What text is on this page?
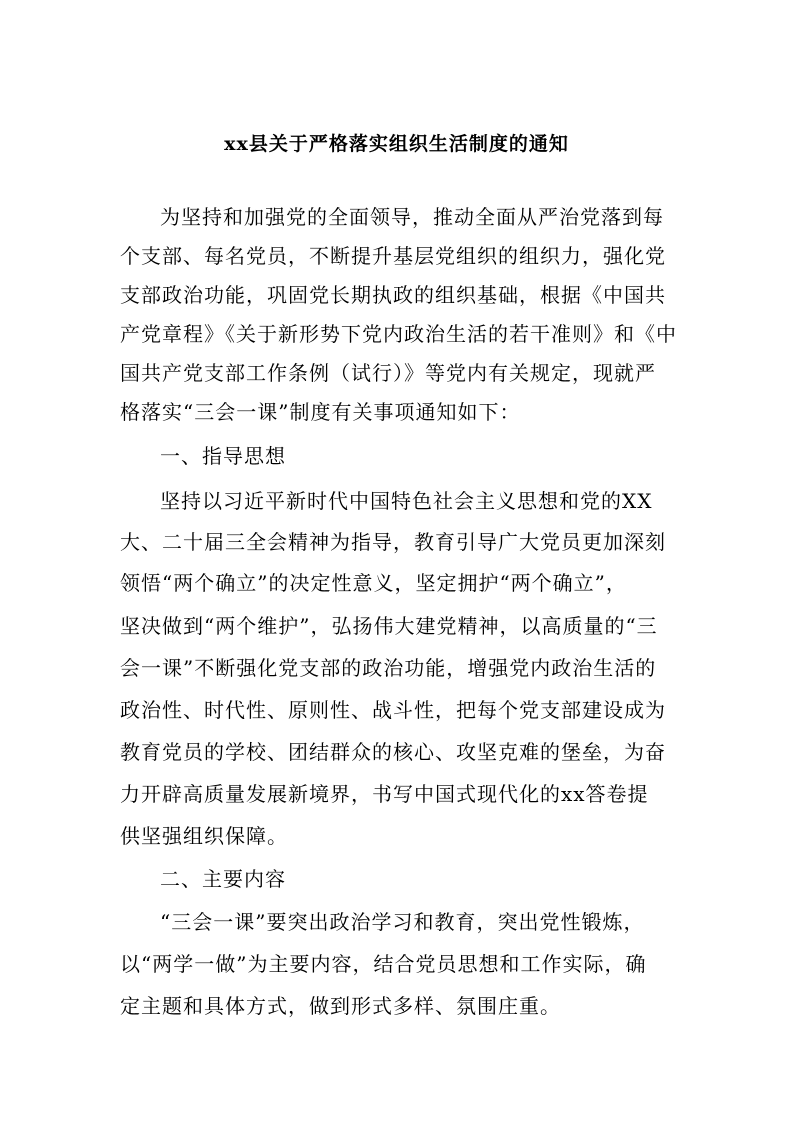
xx县关于严格落实组织生活制度的通知
为坚持和加强党的全面领导，推动全面从严治党落到每
个支部、每名党员，不断提升基层党组织的组织力，强化党
支部政治功能，巩固党长期执政的组织基础，根据《中国共
产党章程》《关于新形势下党内政治生活的若干准则》和《中
国共产党支部工作条例（试行）》等党内有关规定，现就严
格落实“三会一课”制度有关事项通知如下：
一、指导思想
坚持以习近平新时代中国特色社会主义思想和党的XX
大、二十届三全会精神为指导，教育引导广大党员更加深刻
领悟“两个确立”的决定性意义，坚定拥护“两个确立”，
坚决做到“两个维护”，弘扬伟大建党精神，以高质量的“三
会一课”不断强化党支部的政治功能，增强党内政治生活的
政治性、时代性、原则性、战斗性，把每个党支部建设成为
教育党员的学校、团结群众的核心、攻坚克难的堡垒，为奋
力开辟高质量发展新境界，书写中国式现代化的xx答卷提
供坚强组织保障。
二、主要内容
“三会一课”要突出政治学习和教育，突出党性锻炼，
以“两学一做”为主要内容，结合党员思想和工作实际，确
定主题和具体方式，做到形式多样、氛围庄重。
